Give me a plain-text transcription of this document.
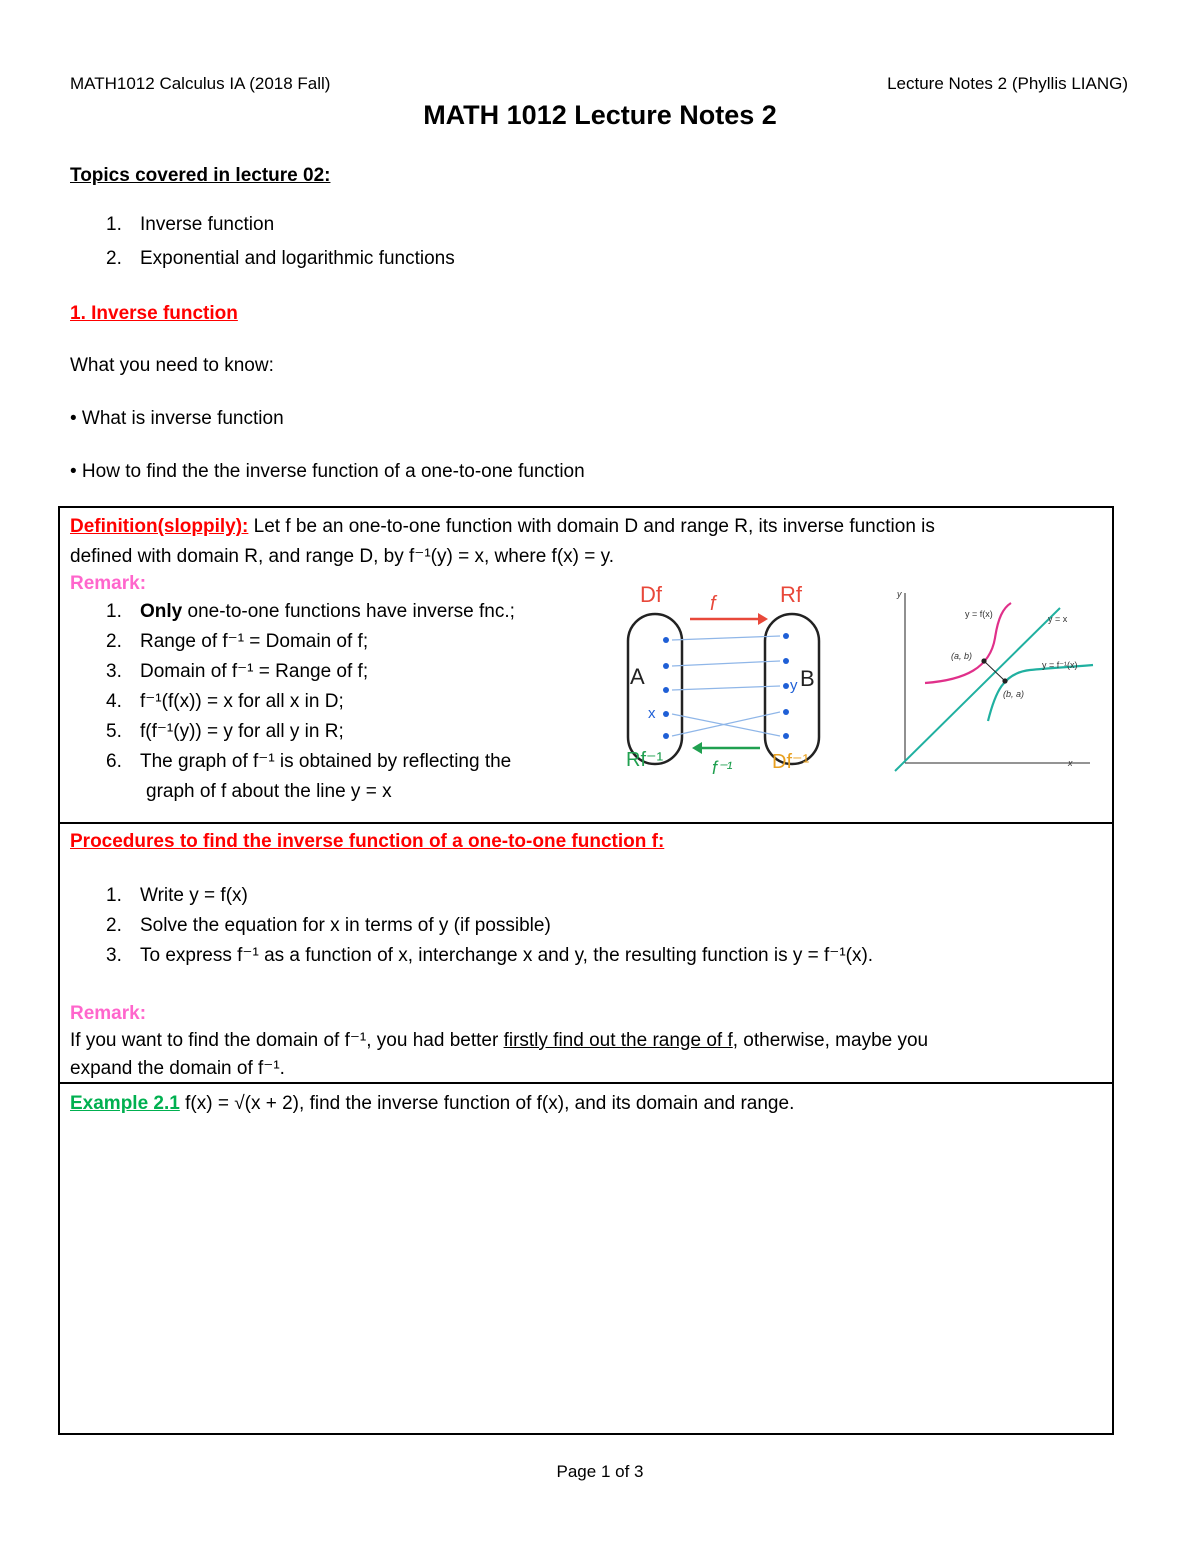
MATH1012 Calculus IA (2018 Fall)	Lecture Notes 2 (Phyllis LIANG)
MATH 1012 Lecture Notes 2
Topics covered in lecture 02:
1. Inverse function
2. Exponential and logarithmic functions
1. Inverse function
What you need to know:
• What is inverse function
• How to find the the inverse function of a one-to-one function
Definition(sloppily): Let f be an one-to-one function with domain D and range R, its inverse function is
defined with domain R, and range D, by f⁻¹(y) = x, where f(x) = y.
Remark:
1. Only one-to-one functions have inverse fnc.;
2. Range of f⁻¹ = Domain of f;
3. Domain of f⁻¹ = Range of f;
4. f⁻¹(f(x)) = x for all x in D;
5. f(f⁻¹(y)) = y for all y in R;
6. The graph of f⁻¹ is obtained by reflecting the
graph of f about the line y = x
Df f	Rf
A	B
x
y
Rf⁻¹	f⁻¹ Df⁻¹
y
x
y = f(x)	y = x
y = f⁻¹(x)
(a, b)
(b, a)
Procedures to find the inverse function of a one-to-one function f:
1. Write y = f(x)
2. Solve the equation for x in terms of y (if possible)
3. To express f⁻¹ as a function of x, interchange x and y, the resulting function is y = f⁻¹(x).
Remark:
If you want to find the domain of f⁻¹, you had better firstly find out the range of f, otherwise, maybe you
expand the domain of f⁻¹.
Example 2.1 f(x) = √(x + 2), find the inverse function of f(x), and its domain and range.
Page 1 of 3
